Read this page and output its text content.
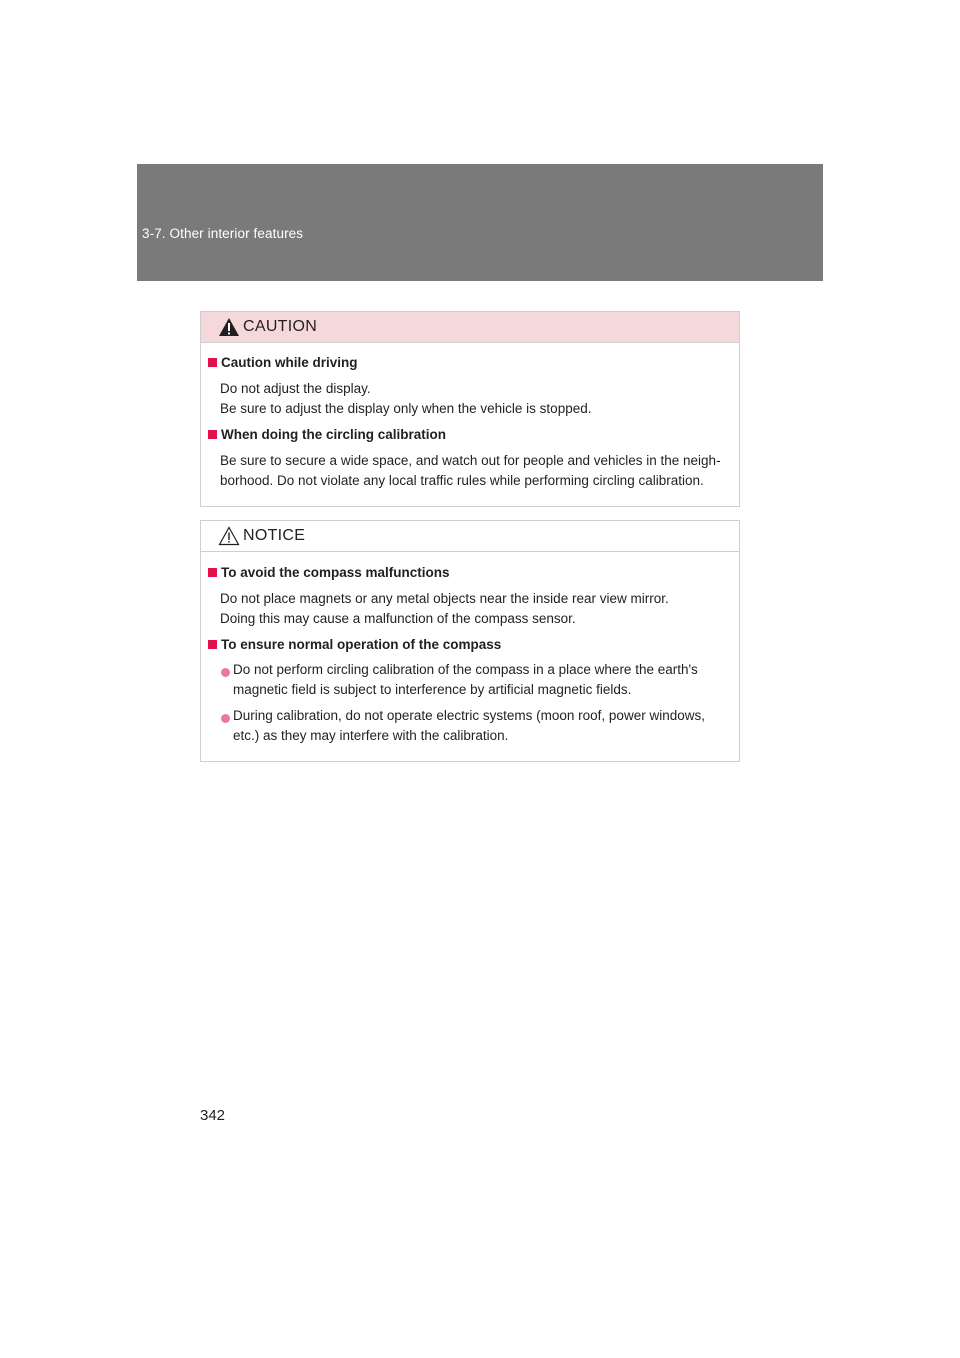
3-7. Other interior features
CAUTION
Caution while driving
Do not adjust the display.
Be sure to adjust the display only when the vehicle is stopped.
When doing the circling calibration
Be sure to secure a wide space, and watch out for people and vehicles in the neigh-
borhood. Do not violate any local traffic rules while performing circling calibration.
NOTICE
To avoid the compass malfunctions
Do not place magnets or any metal objects near the inside rear view mirror.
Doing this may cause a malfunction of the compass sensor.
To ensure normal operation of the compass
Do not perform circling calibration of the compass in a place where the earth's
magnetic field is subject to interference by artificial magnetic fields.
During calibration, do not operate electric systems (moon roof, power windows,
etc.) as they may interfere with the calibration.
342
